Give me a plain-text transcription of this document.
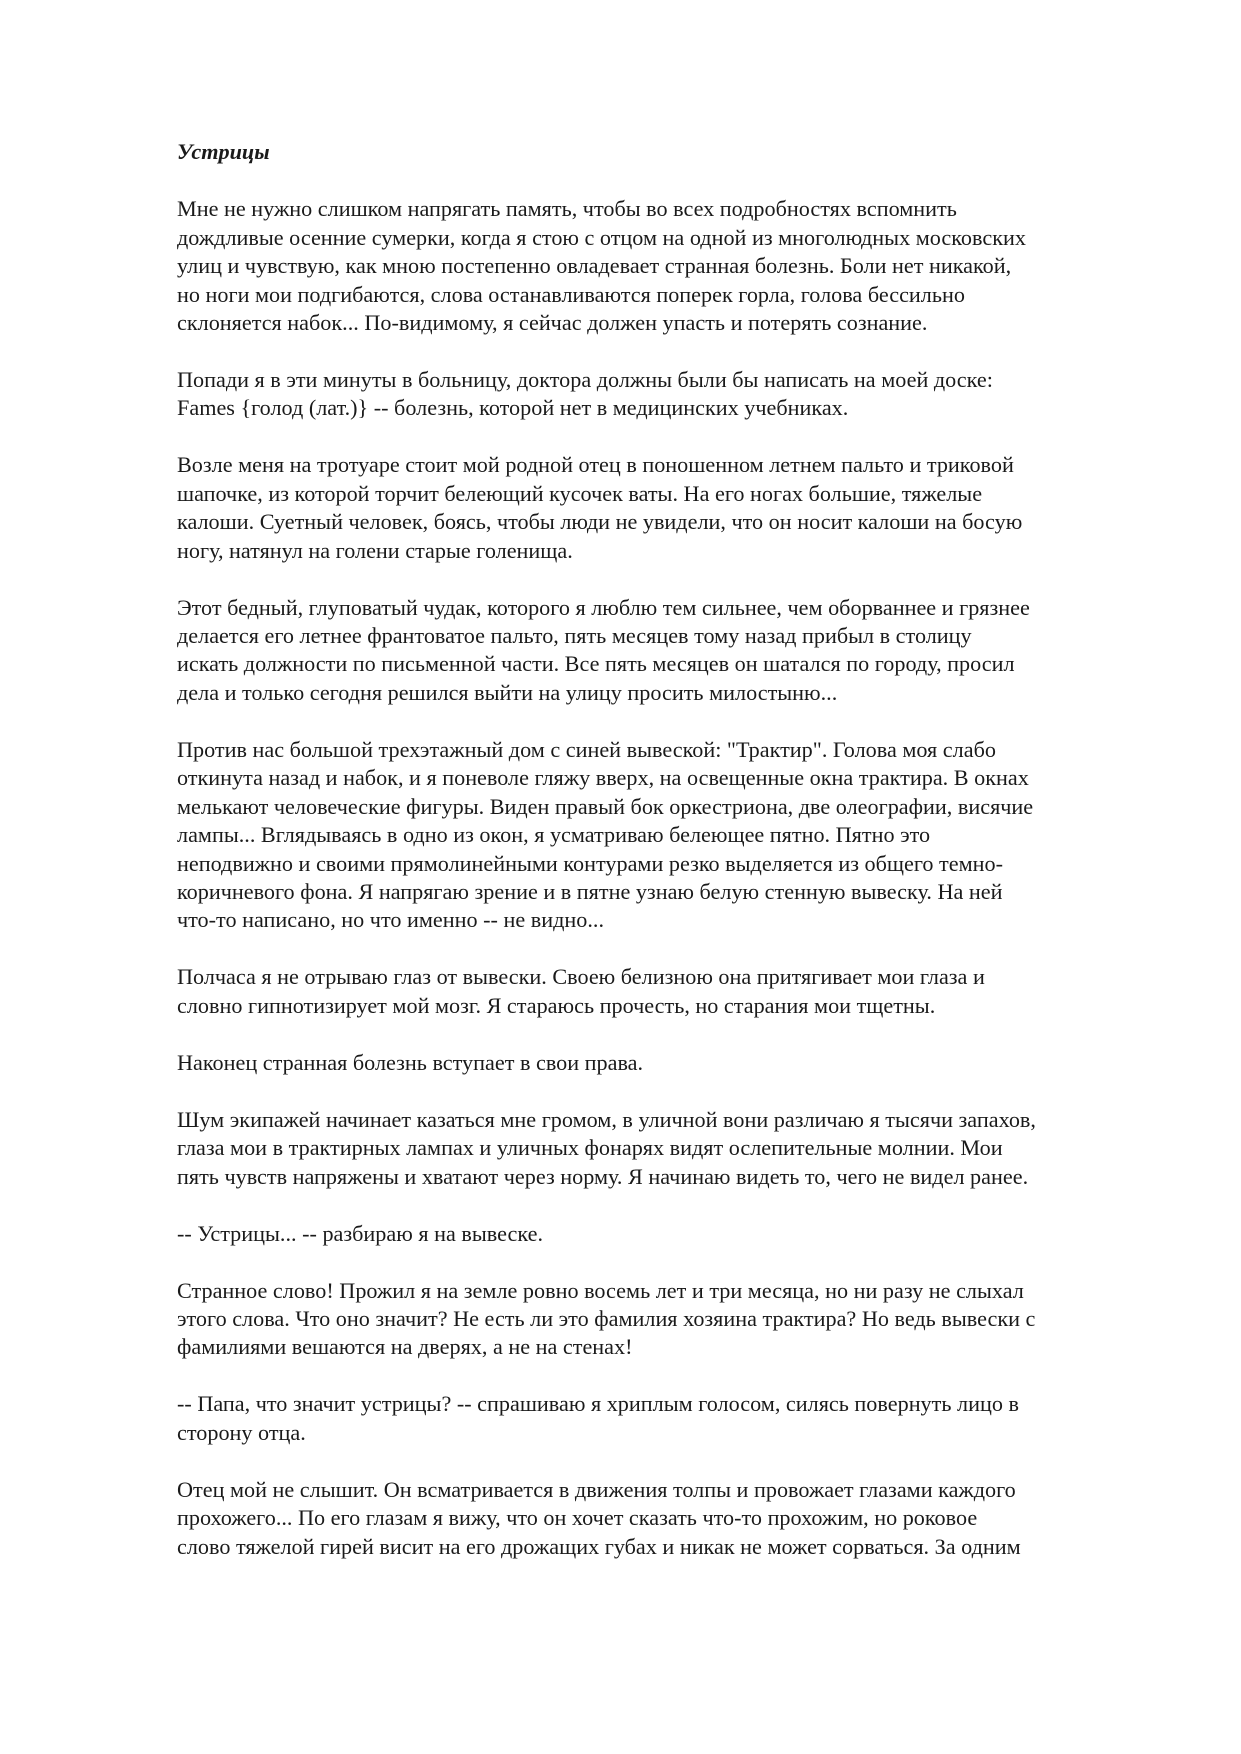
Устрицы
Мне не нужно слишком напрягать память, чтобы во всех подробностях вспомнить
дождливые осенние сумерки, когда я стою с отцом на одной из многолюдных московских
улиц и чувствую, как мною постепенно овладевает странная болезнь. Боли нет никакой,
но ноги мои подгибаются, слова останавливаются поперек горла, голова бессильно
склоняется набок... По-видимому, я сейчас должен упасть и потерять сознание.
Попади я в эти минуты в больницу, доктора должны были бы написать на моей доске:
Fames {голод (лат.)} -- болезнь, которой нет в медицинских учебниках.
Возле меня на тротуаре стоит мой родной отец в поношенном летнем пальто и триковой
шапочке, из которой торчит белеющий кусочек ваты. На его ногах большие, тяжелые
калоши. Суетный человек, боясь, чтобы люди не увидели, что он носит калоши на босую
ногу, натянул на голени старые голенища.
Этот бедный, глуповатый чудак, которого я люблю тем сильнее, чем оборваннее и грязнее
делается его летнее франтоватое пальто, пять месяцев тому назад прибыл в столицу
искать должности по письменной части. Все пять месяцев он шатался по городу, просил
дела и только сегодня решился выйти на улицу просить милостыню...
Против нас большой трехэтажный дом с синей вывеской: "Трактир". Голова моя слабо
откинута назад и набок, и я поневоле гляжу вверх, на освещенные окна трактира. В окнах
мелькают человеческие фигуры. Виден правый бок оркестриона, две олеографии, висячие
лампы... Вглядываясь в одно из окон, я усматриваю белеющее пятно. Пятно это
неподвижно и своими прямолинейными контурами резко выделяется из общего темно-
коричневого фона. Я напрягаю зрение и в пятне узнаю белую стенную вывеску. На ней
что-то написано, но что именно -- не видно...
Полчаса я не отрываю глаз от вывески. Своею белизною она притягивает мои глаза и
словно гипнотизирует мой мозг. Я стараюсь прочесть, но старания мои тщетны.
Наконец странная болезнь вступает в свои права.
Шум экипажей начинает казаться мне громом, в уличной вони различаю я тысячи запахов,
глаза мои в трактирных лампах и уличных фонарях видят ослепительные молнии. Мои
пять чувств напряжены и хватают через норму. Я начинаю видеть то, чего не видел ранее.
-- Устрицы... -- разбираю я на вывеске.
Странное слово! Прожил я на земле ровно восемь лет и три месяца, но ни разу не слыхал
этого слова. Что оно значит? Не есть ли это фамилия хозяина трактира? Но ведь вывески с
фамилиями вешаются на дверях, а не на стенах!
-- Папа, что значит устрицы? -- спрашиваю я хриплым голосом, силясь повернуть лицо в
сторону отца.
Отец мой не слышит. Он всматривается в движения толпы и провожает глазами каждого
прохожего... По его глазам я вижу, что он хочет сказать что-то прохожим, но роковое
слово тяжелой гирей висит на его дрожащих губах и никак не может сорваться. За одним
